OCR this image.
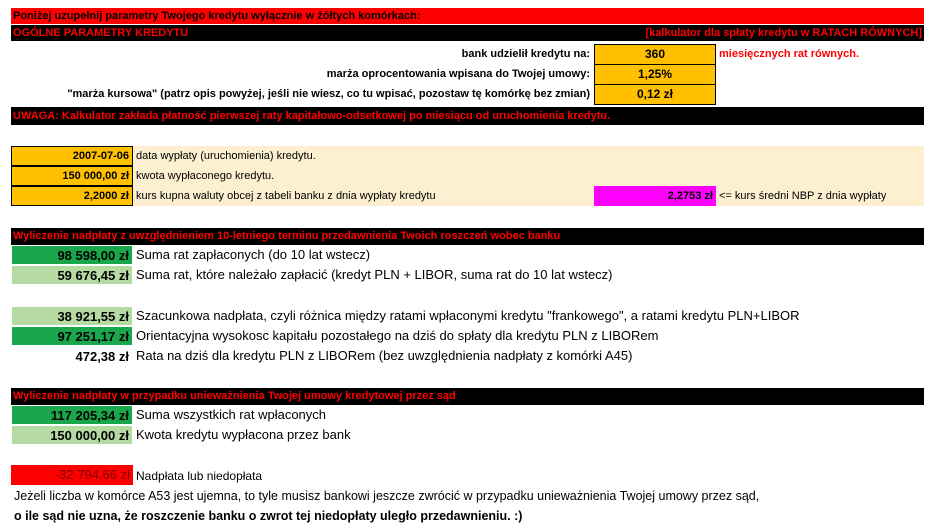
Poniżej uzupełnij parametry Twojego kredytu wyłącznie w żółtych komórkach:
OGÓLNE PARAMETRY KREDYTU	[kalkulator dla spłaty kredytu w RATACH RÓWNYCH]
bank udzielił kredytu na:	360	miesięcznych rat równych.
marża oprocentowania wpisana do Twojej umowy:	1,25%
"marża kursowa" (patrz opis powyżej, jeśli nie wiesz, co tu wpisać, pozostaw tę komórkę bez zmian)	0,12 zł
UWAGA: Kalkulator zakłada płatność pierwszej raty kapitałowo-odsetkowej po miesiącu od uruchomienia kredytu.
2007-07-06 data wypłaty (uruchomienia) kredytu.
150 000,00 zł kwota wypłaconego kredytu.
2,2000 zł kurs kupna waluty obcej z tabeli banku z dnia wypłaty kredytu	2,2753 zł <= kurs średni NBP z dnia wypłaty
Wyliczenie nadpłaty z uwzględnieniem 10-letniego terminu przedawnienia Twoich roszczeń wobec banku
98 598,00 zł Suma rat zapłaconych (do 10 lat wstecz)
59 676,45 zł Suma rat, które należało zapłacić (kredyt PLN + LIBOR, suma rat do 10 lat wstecz)
38 921,55 zł Szacunkowa nadpłata, czyli różnica między ratami wpłaconymi kredytu "frankowego", a ratami kredytu PLN+LIBOR
97 251,17 zł Orientacyjna wysokosc kapitału pozostałego na dziś do spłaty dla kredytu PLN z LIBORem
472,38 zł Rata na dziś dla kredytu PLN z LIBORem (bez uwzględnienia nadpłaty z komórki A45)
Wyliczenie nadpłaty w przypadku unieważnienia Twojej umowy kredytowej przez sąd
117 205,34 zł Suma wszystkich rat wpłaconych
150 000,00 zł Kwota kredytu wypłacona przez bank
-32 794,66 zł Nadpłata lub niedopłata
Jeżeli liczba w komórce A53 jest ujemna, to tyle musisz bankowi jeszcze zwrócić w przypadku unieważnienia Twojej umowy przez sąd,
o ile sąd nie uzna, że roszczenie banku o zwrot tej niedopłaty uległo przedawnieniu. :)
